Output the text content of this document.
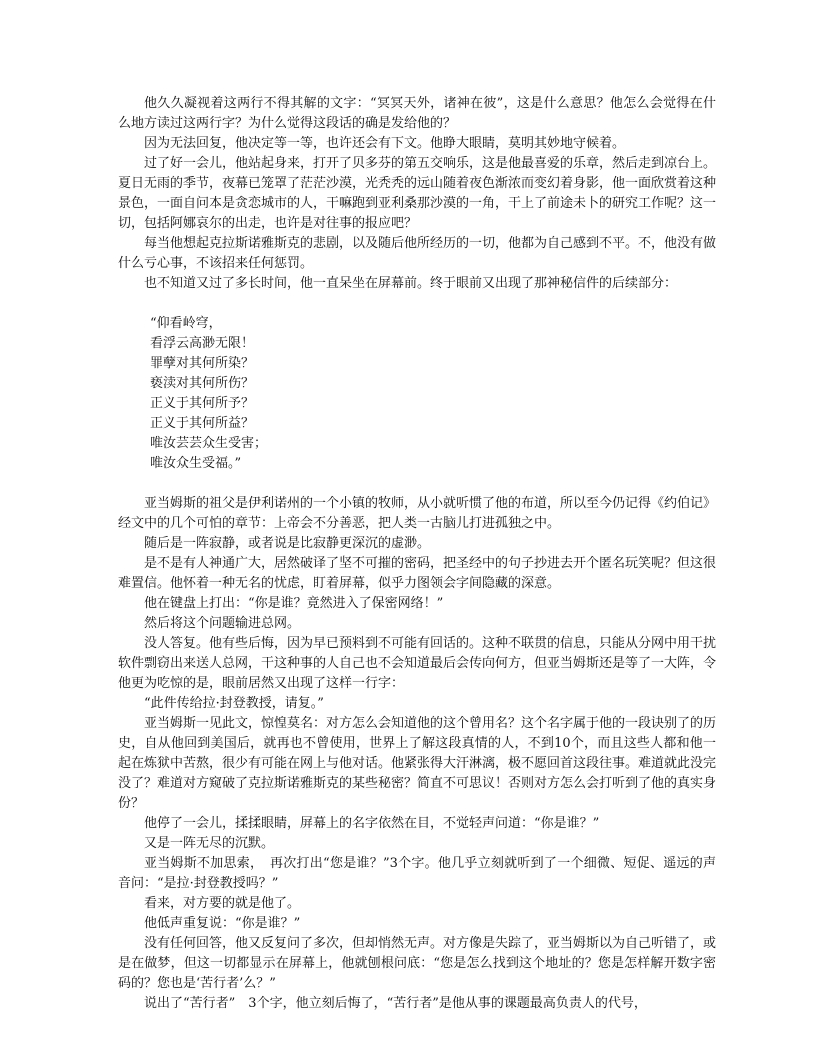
他久久凝视着这两行不得其解的文字：“冥冥天外，诸神在彼”，这是什么意思？他怎么会觉得在什么地方读过这两行字？为什么觉得这段话的确是发给他的？

因为无法回复，他决定等一等，也许还会有下文。他睁大眼睛，莫明其妙地守候着。

过了好一会儿，他站起身来，打开了贝多芬的第五交响乐，这是他最喜爱的乐章，然后走到凉台上。夏日无雨的季节，夜幕已笼罩了茫茫沙漠，光秃秃的远山随着夜色渐浓而变幻着身影，他一面欣赏着这种景色，一面自问本是贪恋城市的人，干嘛跑到亚利桑那沙漠的一角，干上了前途未卜的研究工作呢？这一切，包括阿娜哀尔的出走，也许是对往事的报应吧？

每当他想起克拉斯诺雅斯克的悲剧，以及随后他所经历的一切，他都为自己感到不平。不，他没有做什么亏心事，不该招来任何惩罚。

也不知道又过了多长时间，他一直呆坐在屏幕前。终于眼前又出现了那神秘信件的后续部分：

“仰看岭穹，

看浮云高渺无限！

罪孽对其何所染？

亵渎对其何所伤？

正义于其何所予？

正义于其何所益？

唯汝芸芸众生受害；

唯汝众生受福。”

亚当姆斯的祖父是伊利诺州的一个小镇的牧师，从小就听惯了他的布道，所以至今仍记得《约伯记》经文中的几个可怕的章节：上帝会不分善恶，把人类一古脑儿打进孤独之中。

随后是一阵寂静，或者说是比寂静更深沉的虚渺。

是不是有人神通广大，居然破译了坚不可摧的密码，把圣经中的句子抄进去开个匿名玩笑呢？但这很难置信。他怀着一种无名的忧虑，盯着屏幕，似乎力图领会字间隐藏的深意。

他在键盘上打出：“你是谁？竟然进入了保密网络！”

然后将这个问题输进总网。

没人答复。他有些后悔，因为早已预料到不可能有回话的。这种不联贯的信息，只能从分网中用干扰软件剽窃出来送人总网，干这种事的人自己也不会知道最后会传向何方，但亚当姆斯还是等了一大阵，令他更为吃惊的是，眼前居然又出现了这样一行字：

“此件传给拉·封登教授，请复。”

亚当姆斯一见此文，惊惶莫名：对方怎么会知道他的这个曾用名？这个名字属于他的一段诀别了的历史，自从他回到美国后，就再也不曾使用，世界上了解这段真情的人，不到10个，而且这些人都和他一起在炼狱中苦熬，很少有可能在网上与他对话。他紧张得大汗淋漓，极不愿回首这段往事。难道就此没完没了？难道对方窥破了克拉斯诺雅斯克的某些秘密？简直不可思议！否则对方怎么会打听到了他的真实身份？

他停了一会儿，揉揉眼睛，屏幕上的名字依然在目，不觉轻声问道：“你是谁？”

又是一阵无尽的沉默。

亚当姆斯不加思索，　再次打出“您是谁？”3个字。他几乎立刻就听到了一个细微、短促、遥远的声音问：“是拉·封登教授吗？”

看来，对方要的就是他了。

他低声重复说：“你是谁？”

没有任何回答，他又反复问了多次，但却悄然无声。对方像是失踪了，亚当姆斯以为自己听错了，或是在做梦，但这一切都显示在屏幕上，他就刨根问底：“您是怎么找到这个地址的？您是怎样解开数字密码的？您也是‘苦行者’么？”

说出了“苦行者”　3个字，他立刻后悔了，“苦行者”是他从事的课题最高负责人的代号，
